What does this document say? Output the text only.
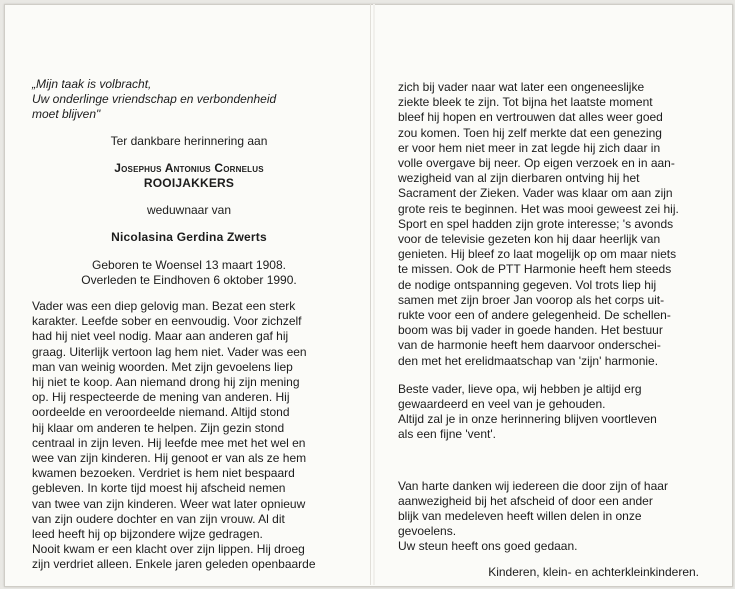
„Mijn taak is volbracht,

Uw onderlinge vriendschap en verbondenheid

moet blijven"

Ter dankbare herinnering aan

Josephus Antonius Cornelus

ROOIJAKKERS

weduwnaar van

Nicolasina Gerdina Zwerts

Geboren te Woensel 13 maart 1908.

Overleden te Eindhoven 6 oktober 1990.

Vader was een diep gelovig man. Bezat een sterk

karakter. Leefde sober en eenvoudig. Voor zichzelf

had hij niet veel nodig. Maar aan anderen gaf hij

graag. Uiterlijk vertoon lag hem niet. Vader was een

man van weinig woorden. Met zijn gevoelens liep

hij niet te koop. Aan niemand drong hij zijn mening

op. Hij respecteerde de mening van anderen. Hij

oordeelde en veroordeelde niemand. Altijd stond

hij klaar om anderen te helpen. Zijn gezin stond

centraal in zijn leven. Hij leefde mee met het wel en

wee van zijn kinderen. Hij genoot er van als ze hem

kwamen bezoeken. Verdriet is hem niet bespaard

gebleven. In korte tijd moest hij afscheid nemen

van twee van zijn kinderen. Weer wat later opnieuw

van zijn oudere dochter en van zijn vrouw. Al dit

leed heeft hij op bijzondere wijze gedragen.

Nooit kwam er een klacht over zijn lippen. Hij droeg

zijn verdriet alleen. Enkele jaren geleden openbaarde

zich bij vader naar wat later een ongeneeslijke

ziekte bleek te zijn. Tot bijna het laatste moment

bleef hij hopen en vertrouwen dat alles weer goed

zou komen. Toen hij zelf merkte dat een genezing

er voor hem niet meer in zat legde hij zich daar in

volle overgave bij neer. Op eigen verzoek en in aan-

wezigheid van al zijn dierbaren ontving hij het

Sacrament der Zieken. Vader was klaar om aan zijn

grote reis te beginnen. Het was mooi geweest zei hij.

Sport en spel hadden zijn grote interesse; 's avonds

voor de televisie gezeten kon hij daar heerlijk van

genieten. Hij bleef zo laat mogelijk op om maar niets

te missen. Ook de PTT Harmonie heeft hem steeds

de nodige ontspanning gegeven. Vol trots liep hij

samen met zijn broer Jan voorop als het corps uit-

rukte voor een of andere gelegenheid. De schellen-

boom was bij vader in goede handen. Het bestuur

van de harmonie heeft hem daarvoor onderschei-

den met het erelidmaatschap van 'zijn' harmonie.

Beste vader, lieve opa, wij hebben je altijd erg

gewaardeerd en veel van je gehouden.

Altijd zal je in onze herinnering blijven voortleven

als een fijne 'vent'.

Van harte danken wij iedereen die door zijn of haar

aanwezigheid bij het afscheid of door een ander

blijk van medeleven heeft willen delen in onze

gevoelens.

Uw steun heeft ons goed gedaan.

Kinderen, klein- en achterkleinkinderen.
